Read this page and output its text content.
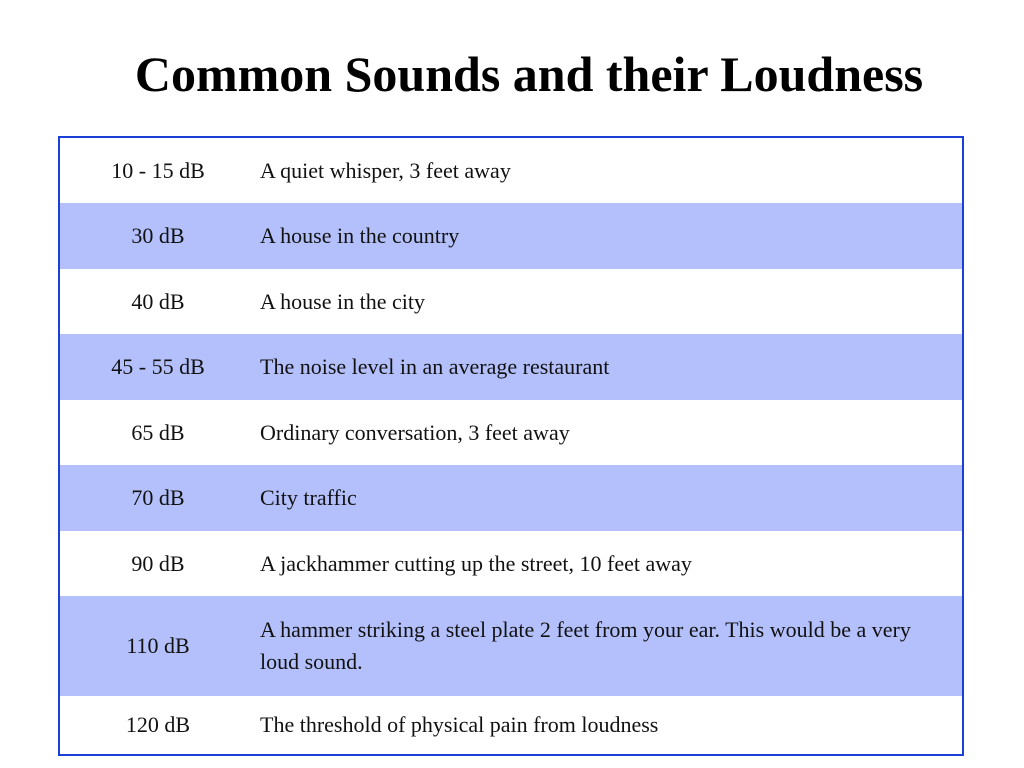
Common Sounds and their Loudness
10 - 15 dB	A quiet whisper, 3 feet away
30 dB	A house in the country
40 dB	A house in the city
45 - 55 dB	The noise level in an average restaurant
65 dB	Ordinary conversation, 3 feet away
70 dB	City traffic
90 dB	A jackhammer cutting up the street, 10 feet away
110 dB	A hammer striking a steel plate 2 feet from your ear. This would be a very loud sound.
120 dB	The threshold of physical pain from loudness
